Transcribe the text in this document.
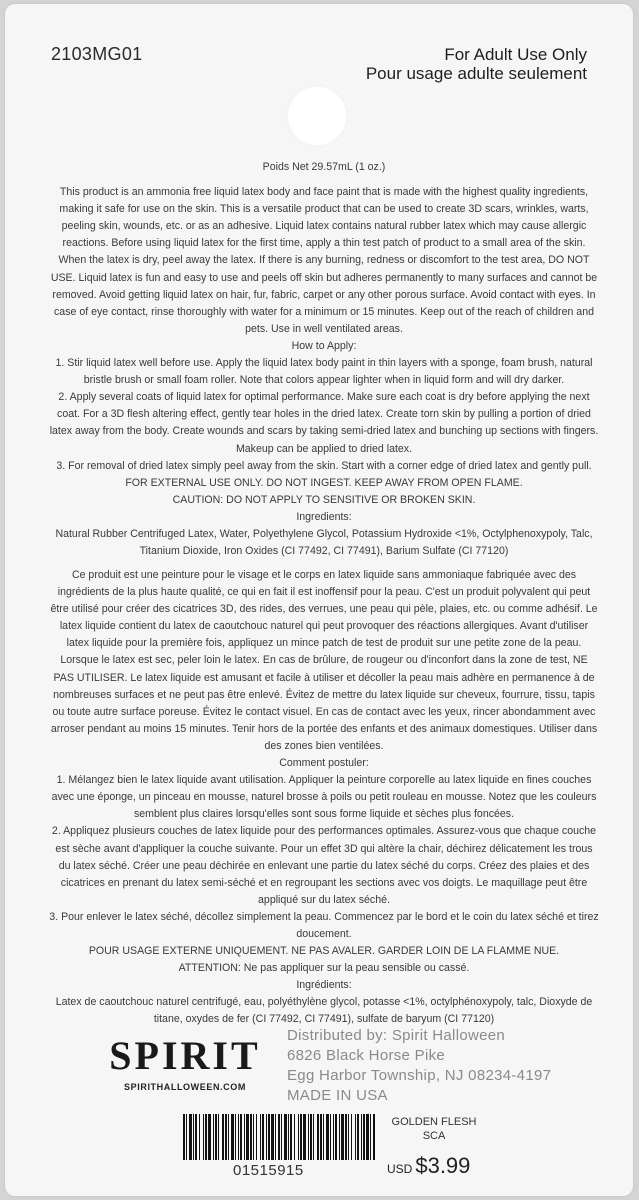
2103MG01	For Adult Use Only
Pour usage adulte seulement

Poids Net 29.57mL (1 oz.)

This product is an ammonia free liquid latex body and face paint that is made with the highest quality ingredients, making it safe for use on the skin. This is a versatile product that can be used to create 3D scars, wrinkles, warts, peeling skin, wounds, etc. or as an adhesive. Liquid latex contains natural rubber latex which may cause allergic reactions. Before using liquid latex for the first time, apply a thin test patch of product to a small area of the skin. When the latex is dry, peel away the latex. If there is any burning, redness or discomfort to the test area, DO NOT USE. Liquid latex is fun and easy to use and peels off skin but adheres permanently to many surfaces and cannot be removed. Avoid getting liquid latex on hair, fur, fabric, carpet or any other porous surface. Avoid contact with eyes. In case of eye contact, rinse thoroughly with water for a minimum or 15 minutes. Keep out of the reach of children and pets. Use in well ventilated areas.

How to Apply:

1. Stir liquid latex well before use. Apply the liquid latex body paint in thin layers with a sponge, foam brush, natural bristle brush or small foam roller. Note that colors appear lighter when in liquid form and will dry darker.

2. Apply several coats of liquid latex for optimal performance. Make sure each coat is dry before applying the next coat. For a 3D flesh altering effect, gently tear holes in the dried latex. Create torn skin by pulling a portion of dried latex away from the body. Create wounds and scars by taking semi-dried latex and bunching up sections with fingers. Makeup can be applied to dried latex.

3. For removal of dried latex simply peel away from the skin. Start with a corner edge of dried latex and gently pull.

FOR EXTERNAL USE ONLY. DO NOT INGEST. KEEP AWAY FROM OPEN FLAME.

CAUTION: DO NOT APPLY TO SENSITIVE OR BROKEN SKIN.

Ingredients:

Natural Rubber Centrifuged Latex, Water, Polyethylene Glycol, Potassium Hydroxide <1%, Octylphenoxypoly, Talc, Titanium Dioxide, Iron Oxides (CI 77492, CI 77491), Barium Sulfate (CI 77120)

Ce produit est une peinture pour le visage et le corps en latex liquide sans ammoniaque fabriquée avec des ingrédients de la plus haute qualité, ce qui en fait il est inoffensif pour la peau. C'est un produit polyvalent qui peut être utilisé pour créer des cicatrices 3D, des rides, des verrues, une peau qui pèle, plaies, etc. ou comme adhésif. Le latex liquide contient du latex de caoutchouc naturel qui peut provoquer des réactions allergiques. Avant d'utiliser latex liquide pour la première fois, appliquez un mince patch de test de produit sur une petite zone de la peau. Lorsque le latex est sec, peler loin le latex. En cas de brûlure, de rougeur ou d'inconfort dans la zone de test, NE PAS UTILISER. Le latex liquide est amusant et facile à utiliser et décoller la peau mais adhère en permanence à de nombreuses surfaces et ne peut pas être enlevé. Évitez de mettre du latex liquide sur cheveux, fourrure, tissu, tapis ou toute autre surface poreuse. Évitez le contact visuel. En cas de contact avec les yeux, rincer abondamment avec arroser pendant au moins 15 minutes. Tenir hors de la portée des enfants et des animaux domestiques. Utiliser dans des zones bien ventilées.

Comment postuler:

1. Mélangez bien le latex liquide avant utilisation. Appliquer la peinture corporelle au latex liquide en fines couches avec une éponge, un pinceau en mousse, naturel brosse à poils ou petit rouleau en mousse. Notez que les couleurs semblent plus claires lorsqu'elles sont sous forme liquide et sèches plus foncées.

2. Appliquez plusieurs couches de latex liquide pour des performances optimales. Assurez-vous que chaque couche est sèche avant d'appliquer la couche suivante. Pour un effet 3D qui altère la chair, déchirez délicatement les trous du latex séché. Créer une peau déchirée en enlevant une partie du latex séché du corps. Créez des plaies et des cicatrices en prenant du latex semi-séché et en regroupant les sections avec vos doigts. Le maquillage peut être appliqué sur du latex séché.

3. Pour enlever le latex séché, décollez simplement la peau. Commencez par le bord et le coin du latex séché et tirez doucement.

POUR USAGE EXTERNE UNIQUEMENT. NE PAS AVALER. GARDER LOIN DE LA FLAMME NUE.

ATTENTION: Ne pas appliquer sur la peau sensible ou cassé.

Ingrédients:

Latex de caoutchouc naturel centrifugé, eau, polyéthylène glycol, potasse <1%, octylphénoxypoly, talc, Dioxyde de titane, oxydes de fer (CI 77492, CI 77491), sulfate de baryum (CI 77120)

SPIRIT
SPIRITHALLOWEEN.COM
Distributed by: Spirit Halloween
6826 Black Horse Pike
Egg Harbor Township, NJ 08234-4197
MADE IN USA
01515915
GOLDEN FLESH
SCA
USD $3.99
